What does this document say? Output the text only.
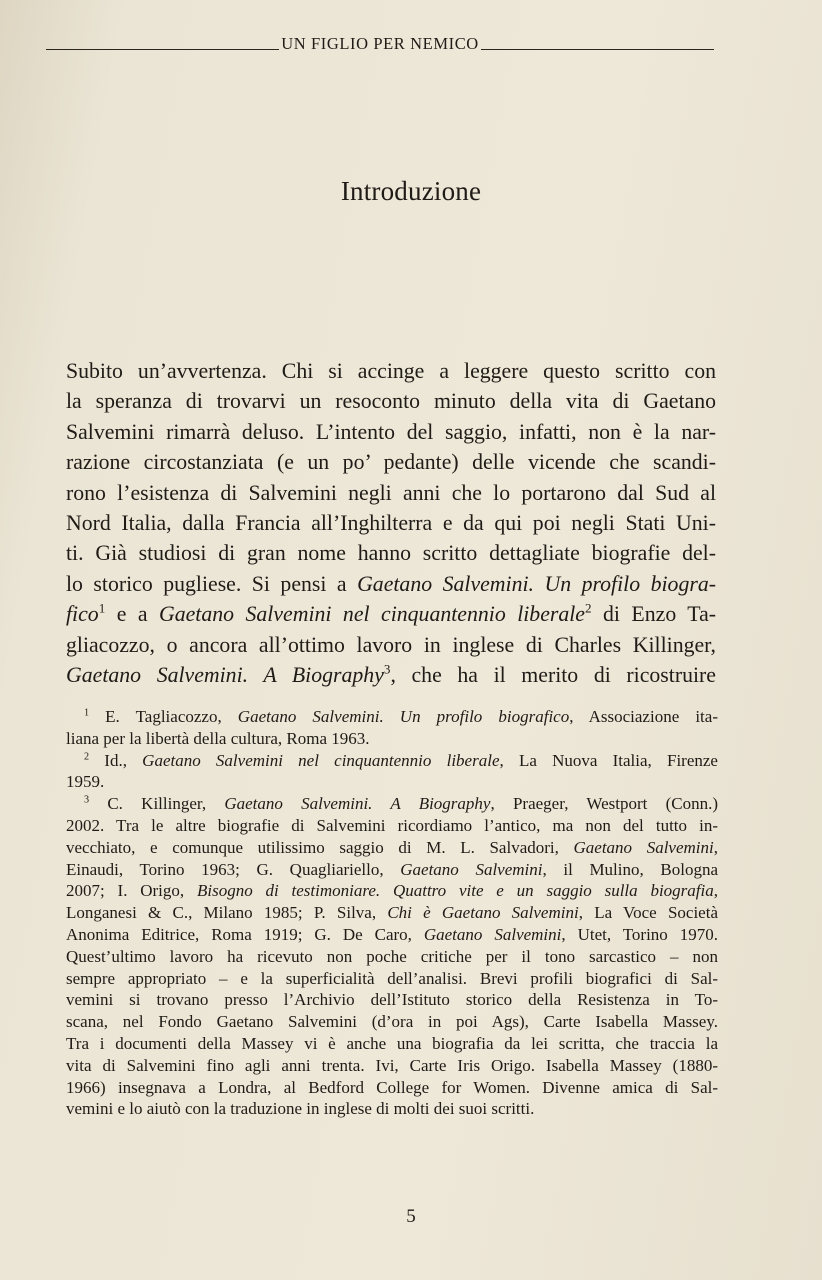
UN FIGLIO PER NEMICO
Introduzione
Subito un’avvertenza. Chi si accinge a leggere questo scritto con
la speranza di trovarvi un resoconto minuto della vita di Gaetano
Salvemini rimarrà deluso. L’intento del saggio, infatti, non è la nar-
razione circostanziata (e un po’ pedante) delle vicende che scandi-
rono l’esistenza di Salvemini negli anni che lo portarono dal Sud al
Nord Italia, dalla Francia all’Inghilterra e da qui poi negli Stati Uni-
ti. Già studiosi di gran nome hanno scritto dettagliate biografie del-
lo storico pugliese. Si pensi a Gaetano Salvemini. Un profilo biogra-
fico$^1$ e a Gaetano Salvemini nel cinquantennio liberale$^2$ di Enzo Ta-
gliacozzo, o ancora all’ottimo lavoro in inglese di Charles Killinger,
Gaetano Salvemini. A Biography$^3$, che ha il merito di ricostruire
$^1$ E. Tagliacozzo, Gaetano Salvemini. Un profilo biografico, Associazione ita-
liana per la libertà della cultura, Roma 1963.
$^2$ Id., Gaetano Salvemini nel cinquantennio liberale, La Nuova Italia, Firenze
1959.
$^3$ C. Killinger, Gaetano Salvemini. A Biography, Praeger, Westport (Conn.)
2002. Tra le altre biografie di Salvemini ricordiamo l’antico, ma non del tutto in-
vecchiato, e comunque utilissimo saggio di M. L. Salvadori, Gaetano Salvemini,
Einaudi, Torino 1963; G. Quagliariello, Gaetano Salvemini, il Mulino, Bologna
2007; I. Origo, Bisogno di testimoniare. Quattro vite e un saggio sulla biografia,
Longanesi & C., Milano 1985; P. Silva, Chi è Gaetano Salvemini, La Voce Società
Anonima Editrice, Roma 1919; G. De Caro, Gaetano Salvemini, Utet, Torino 1970.
Quest’ultimo lavoro ha ricevuto non poche critiche per il tono sarcastico – non
sempre appropriato – e la superficialità dell’analisi. Brevi profili biografici di Sal-
vemini si trovano presso l’Archivio dell’Istituto storico della Resistenza in To-
scana, nel Fondo Gaetano Salvemini (d’ora in poi Ags), Carte Isabella Massey.
Tra i documenti della Massey vi è anche una biografia da lei scritta, che traccia la
vita di Salvemini fino agli anni trenta. Ivi, Carte Iris Origo. Isabella Massey (1880-
1966) insegnava a Londra, al Bedford College for Women. Divenne amica di Sal-
vemini e lo aiutò con la traduzione in inglese di molti dei suoi scritti.
5
